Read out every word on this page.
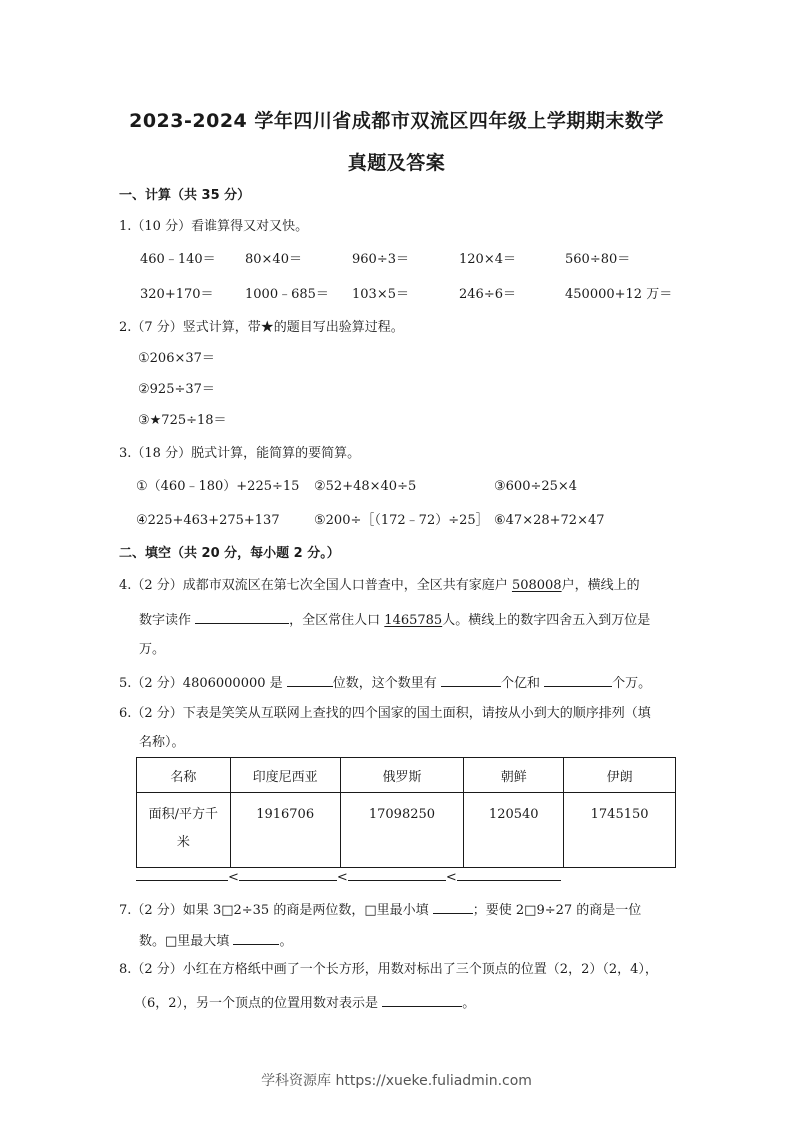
2023-2024 学年四川省成都市双流区四年级上学期期末数学
真题及答案
一、计算（共 35 分）
1.（10 分）看谁算得又对又快。
460﹣140＝ 80×40＝	960÷3＝	120×4＝	560÷80＝
320+170＝ 1000﹣685＝ 103×5＝	246÷6＝	450000+12 万＝
2.（7 分）竖式计算，带★的题目写出验算过程。
①206×37＝
②925÷37＝
③★725÷18＝
3.（18 分）脱式计算，能简算的要简算。
①（460﹣180）+225÷15 ②52+48×40÷5	③600÷25×4
④225+463+275+137	⑤200÷［（172﹣72）÷25］ ⑥47×28+72×47
二、填空（共 20 分，每小题 2 分。）
4.（2 分）成都市双流区在第七次全国人口普查中，全区共有家庭户 508008户，横线上的
数字读作	，全区常住人口 1465785人。横线上的数字四舍五入到万位是
万。
5.（2 分）4806000000 是	位数，这个数里有	个亿和	个万。
6.（2 分）下表是笑笑从互联网上查找的四个国家的国土面积，请按从小到大的顺序排列（填
名称）。
名称	印度尼西亚	俄罗斯	朝鲜	伊朗
面积/平方千
米	1916706	17098250	120540	1745150
<	<	<
7.（2 分）如果 3□2÷35 的商是两位数，□里最小填	；要使 2□9÷27 的商是一位
数。□里最大填	。
8.（2 分）小红在方格纸中画了一个长方形，用数对标出了三个顶点的位置（2，2）（2，4），
（6，2），另一个顶点的位置用数对表示是	。
学科资源库 https://xueke.fuliadmin.com
